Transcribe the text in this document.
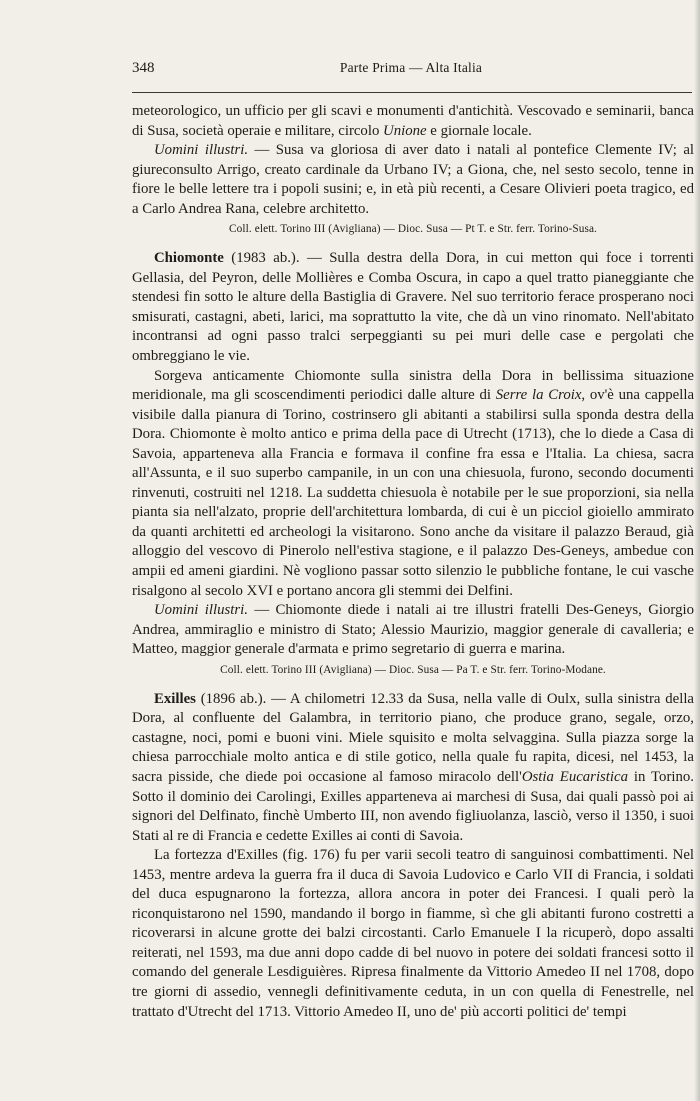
348	Parte Prima — Alta Italia

meteorologico, un ufficio per gli scavi e monumenti d'antichità. Vescovado e seminarii, banca di Susa, società operaie e militare, circolo Unione e giornale locale.

Uomini illustri. — Susa va gloriosa di aver dato i natali al pontefice Clemente IV; al giureconsulto Arrigo, creato cardinale da Urbano IV; a Giona, che, nel sesto secolo, tenne in fiore le belle lettere tra i popoli susini; e, in età più recenti, a Cesare Olivieri poeta tragico, ed a Carlo Andrea Rana, celebre architetto.

Coll. elett. Torino III (Avigliana) — Dioc. Susa — Pt T. e Str. ferr. Torino-Susa.

Chiomonte (1983 ab.). — Sulla destra della Dora, in cui metton qui foce i torrenti Gellasia, del Peyron, delle Mollières e Comba Oscura, in capo a quel tratto pianeggiante che stendesi fin sotto le alture della Bastiglia di Gravere. Nel suo territorio ferace prosperano noci smisurati, castagni, abeti, larici, ma soprattutto la vite, che dà un vino rinomato. Nell'abitato incontransi ad ogni passo tralci serpeggianti su pei muri delle case e pergolati che ombreggiano le vie.

Sorgeva anticamente Chiomonte sulla sinistra della Dora in bellissima situazione meridionale, ma gli scoscendimenti periodici dalle alture di Serre la Croix, ov'è una cappella visibile dalla pianura di Torino, costrinsero gli abitanti a stabilirsi sulla sponda destra della Dora. Chiomonte è molto antico e prima della pace di Utrecht (1713), che lo diede a Casa di Savoia, apparteneva alla Francia e formava il confine fra essa e l'Italia. La chiesa, sacra all'Assunta, e il suo superbo campanile, in un con una chiesuola, furono, secondo documenti rinvenuti, costruiti nel 1218. La suddetta chiesuola è notabile per le sue proporzioni, sia nella pianta sia nell'alzato, proprie dell'architettura lombarda, di cui è un picciol gioiello ammirato da quanti architetti ed archeologi la visitarono. Sono anche da visitare il palazzo Beraud, già alloggio del vescovo di Pinerolo nell'estiva stagione, e il palazzo Des-Geneys, ambedue con ampii ed ameni giardini. Nè vogliono passar sotto silenzio le pubbliche fontane, le cui vasche risalgono al secolo XVI e portano ancora gli stemmi dei Delfini.

Uomini illustri. — Chiomonte diede i natali ai tre illustri fratelli Des-Geneys, Giorgio Andrea, ammiraglio e ministro di Stato; Alessio Maurizio, maggior generale di cavalleria; e Matteo, maggior generale d'armata e primo segretario di guerra e marina.

Coll. elett. Torino III (Avigliana) — Dioc. Susa — Pa T. e Str. ferr. Torino-Modane.

Exilles (1896 ab.). — A chilometri 12.33 da Susa, nella valle di Oulx, sulla sinistra della Dora, al confluente del Galambra, in territorio piano, che produce grano, segale, orzo, castagne, noci, pomi e buoni vini. Miele squisito e molta selvaggina. Sulla piazza sorge la chiesa parrocchiale molto antica e di stile gotico, nella quale fu rapita, dicesi, nel 1453, la sacra pisside, che diede poi occasione al famoso miracolo dell'Ostia Eucaristica in Torino. Sotto il dominio dei Carolingi, Exilles apparteneva ai marchesi di Susa, dai quali passò poi ai signori del Delfinato, finchè Umberto III, non avendo figliuolanza, lasciò, verso il 1350, i suoi Stati al re di Francia e cedette Exilles ai conti di Savoia.

La fortezza d'Exilles (fig. 176) fu per varii secoli teatro di sanguinosi combattimenti. Nel 1453, mentre ardeva la guerra fra il duca di Savoia Ludovico e Carlo VII di Francia, i soldati del duca espugnarono la fortezza, allora ancora in poter dei Francesi. I quali però la riconquistarono nel 1590, mandando il borgo in fiamme, sì che gli abitanti furono costretti a ricoverarsi in alcune grotte dei balzi circostanti. Carlo Emanuele I la ricuperò, dopo assalti reiterati, nel 1593, ma due anni dopo cadde di bel nuovo in potere dei soldati francesi sotto il comando del generale Lesdiguières. Ripresa finalmente da Vittorio Amedeo II nel 1708, dopo tre giorni di assedio, vennegli definitivamente ceduta, in un con quella di Fenestrelle, nel trattato d'Utrecht del 1713. Vittorio Amedeo II, uno de' più accorti politici de' tempi
